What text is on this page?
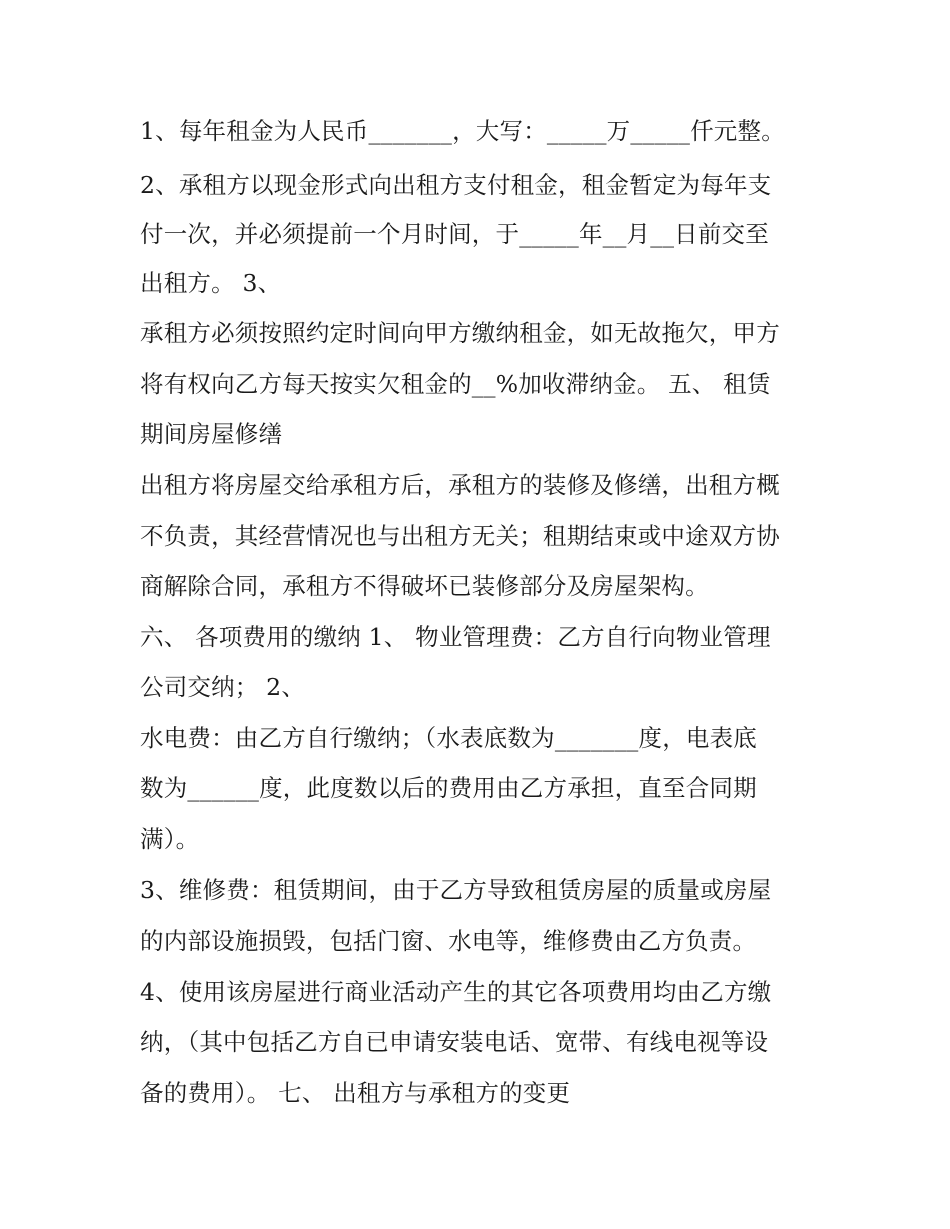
1、每年租金为人民币_______，大写：_____万_____仟元整。
2、承租方以现金形式向出租方支付租金，租金暂定为每年支
付一次，并必须提前一个月时间，于_____年__月__日前交至
出租方。 3、
承租方必须按照约定时间向甲方缴纳租金，如无故拖欠，甲方
将有权向乙方每天按实欠租金的__%加收滞纳金。 五、 租赁
期间房屋修缮
出租方将房屋交给承租方后，承租方的装修及修缮，出租方概
不负责，其经营情况也与出租方无关；租期结束或中途双方协
商解除合同，承租方不得破坏已装修部分及房屋架构。
六、 各项费用的缴纳 1、 物业管理费：乙方自行向物业管理
公司交纳； 2、
水电费：由乙方自行缴纳；（水表底数为_______度，电表底
数为______度，此度数以后的费用由乙方承担，直至合同期
满）。
3、维修费：租赁期间，由于乙方导致租赁房屋的质量或房屋
的内部设施损毁，包括门窗、水电等，维修费由乙方负责。
4、使用该房屋进行商业活动产生的其它各项费用均由乙方缴
纳，（其中包括乙方自已申请安装电话、宽带、有线电视等设
备的费用）。 七、 出租方与承租方的变更
